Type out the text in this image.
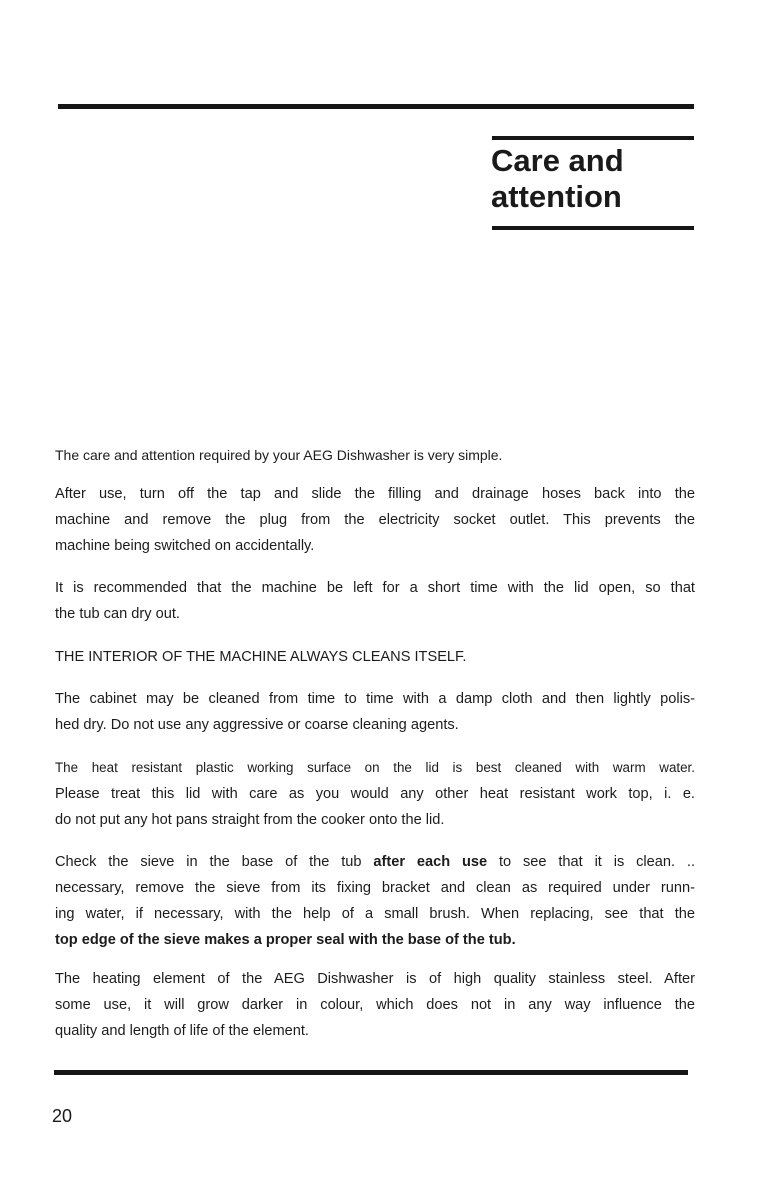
Care and
attention

The care and attention required by your AEG Dishwasher is very simple.

After use, turn off the tap and slide the filling and drainage hoses back into the
machine and remove the plug from the electricity socket outlet. This prevents the
machine being switched on accidentally.

It is recommended that the machine be left for a short time with the lid open, so that
the tub can dry out.

THE INTERIOR OF THE MACHINE ALWAYS CLEANS ITSELF.

The cabinet may be cleaned from time to time with a damp cloth and then lightly polis-
hed dry. Do not use any aggressive or coarse cleaning agents.

The heat resistant plastic working surface on the lid is best cleaned with warm water.
Please treat this lid with care as you would any other heat resistant work top, i. e.
do not put any hot pans straight from the cooker onto the lid.

Check the sieve in the base of the tub after each use to see that it is clean. ..
necessary, remove the sieve from its fixing bracket and clean as required under runn-
ing water, if necessary, with the help of a small brush. When replacing, see that the
top edge of the sieve makes a proper seal with the base of the tub.

The heating element of the AEG Dishwasher is of high quality stainless steel. After
some use, it will grow darker in colour, which does not in any way influence the
quality and length of life of the element.

20
